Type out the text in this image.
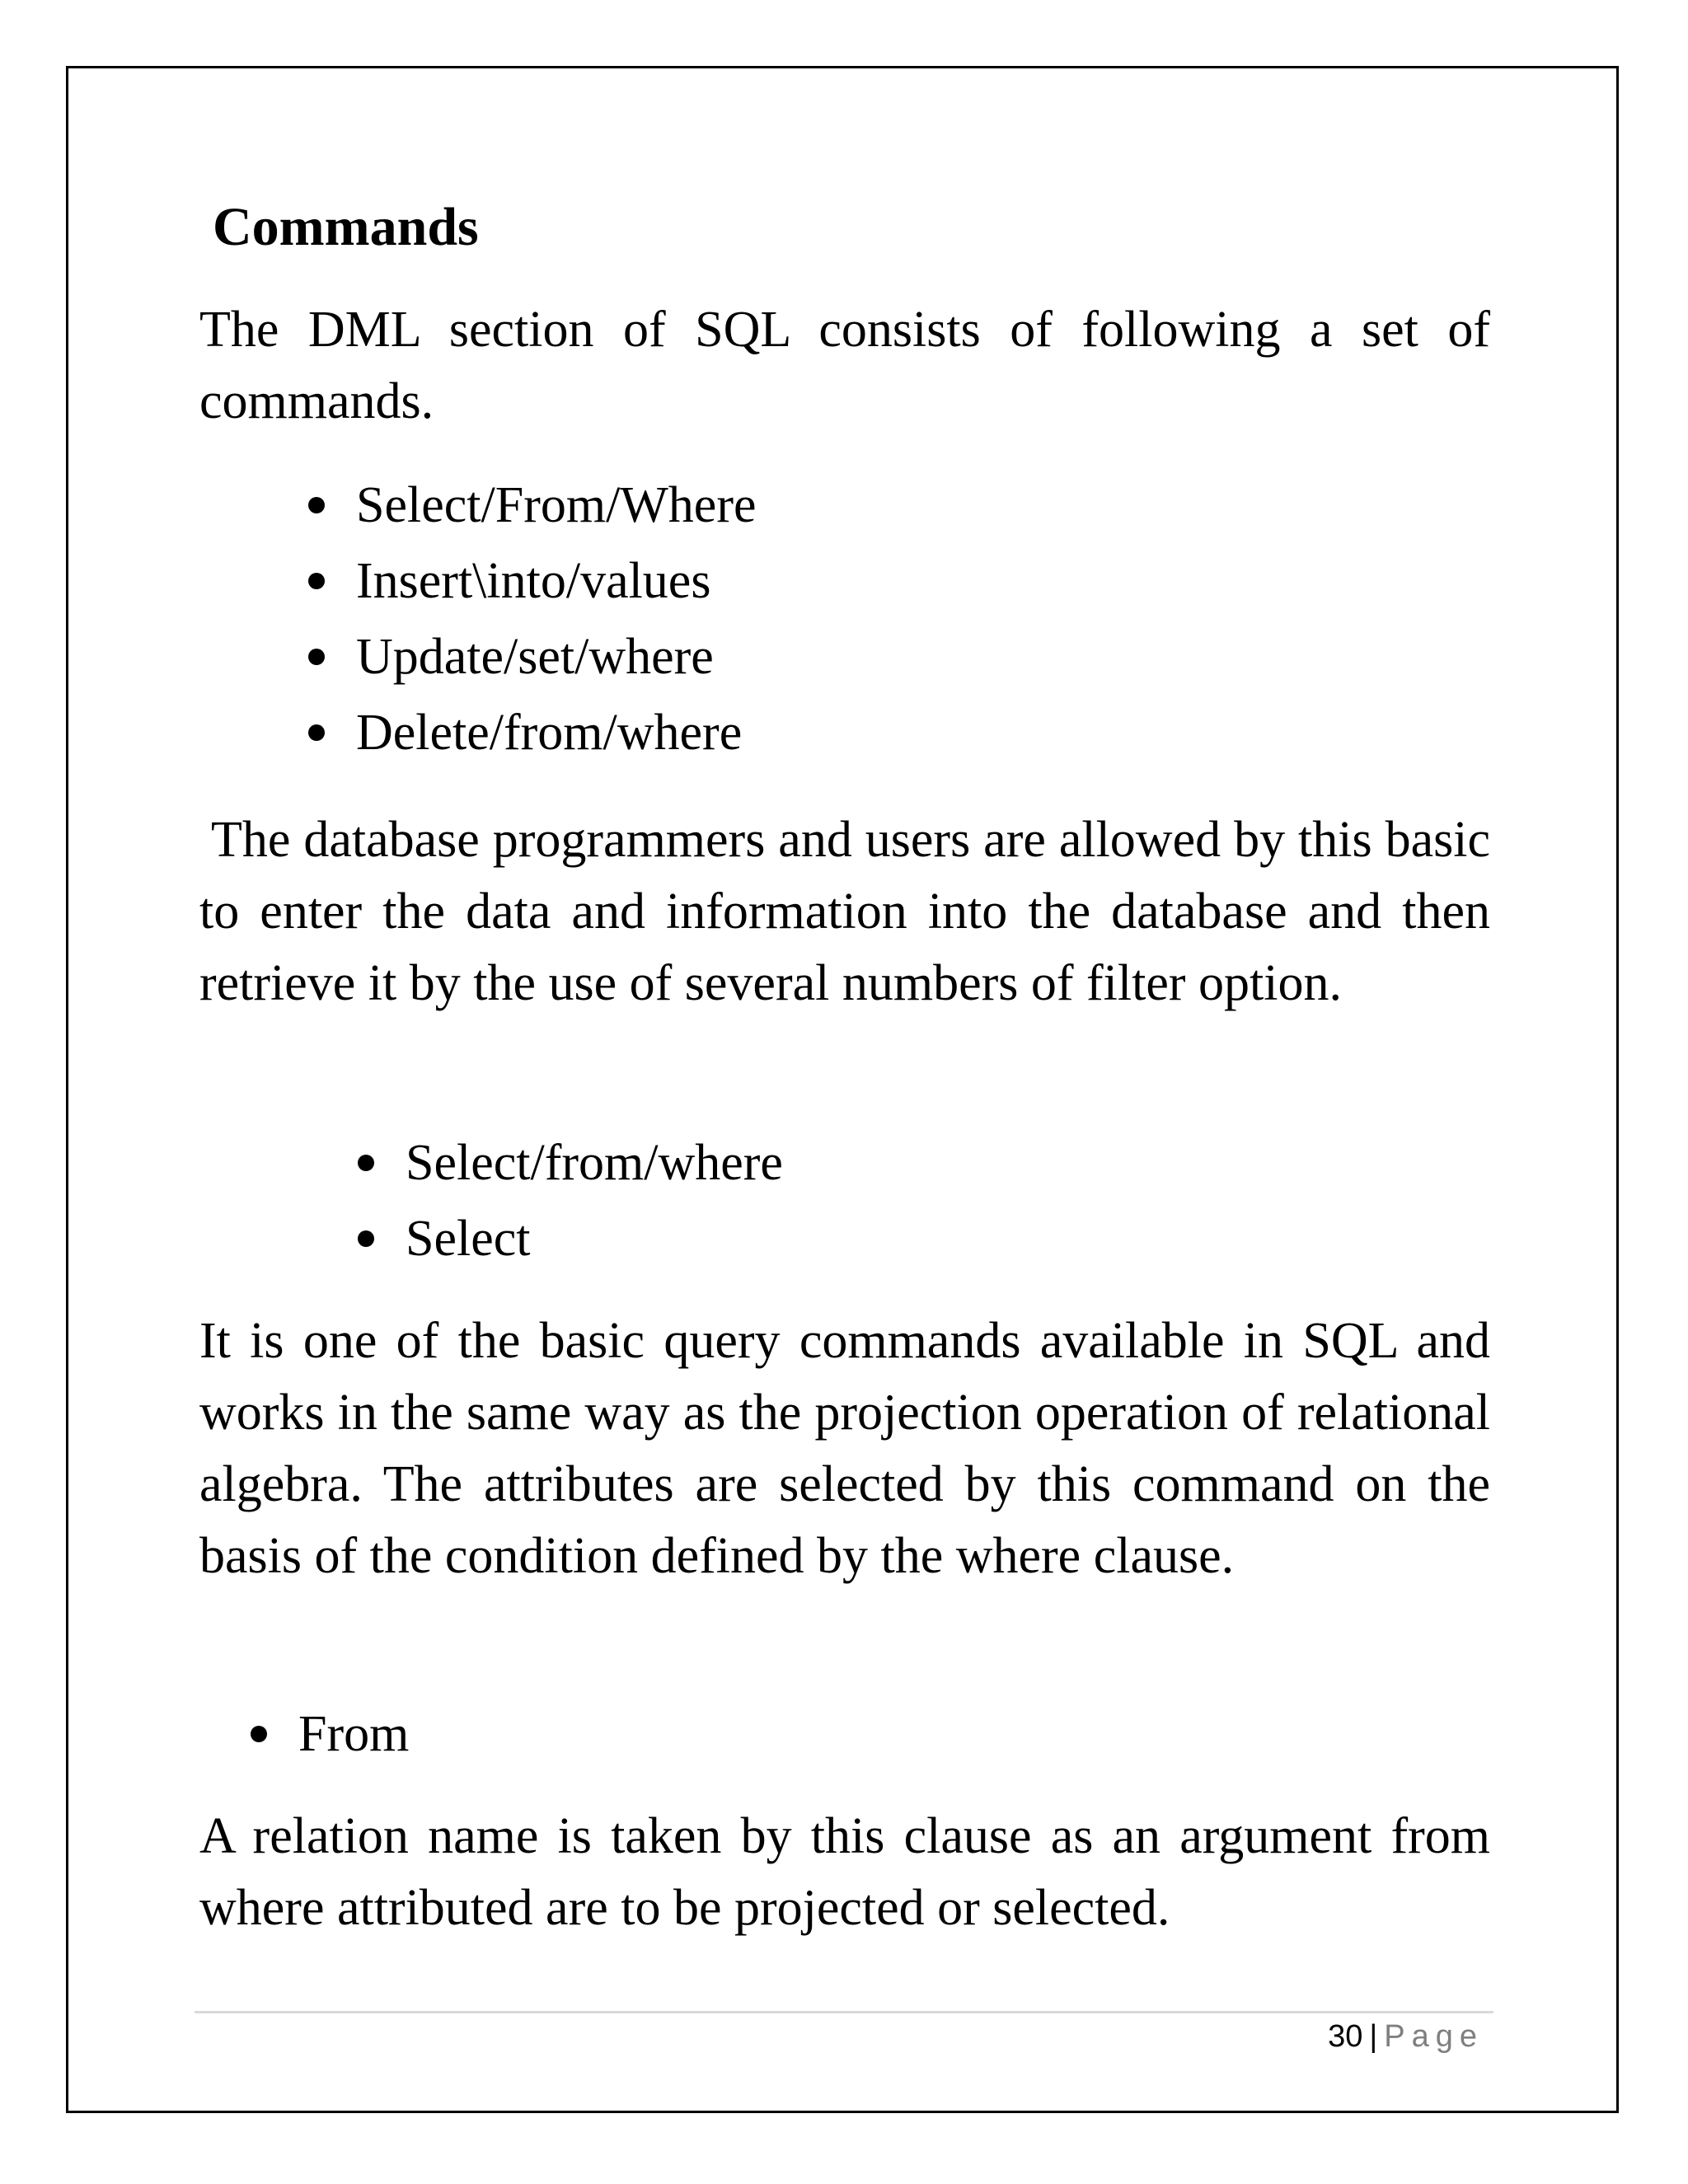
Commands
The DML section of SQL consists of following a set of commands.
Select/From/Where
Insert\into/values
Update/set/where
Delete/from/where
The database programmers and users are allowed by this basic to enter the data and information into the database and then retrieve it by the use of several numbers of filter option.
Select/from/where
Select
It is one of the basic query commands available in SQL and works in the same way as the projection operation of relational algebra. The attributes are selected by this command on the basis of the condition defined by the where clause.
From
A relation name is taken by this clause as an argument from where attributed are to be projected or selected.
30 | Page
